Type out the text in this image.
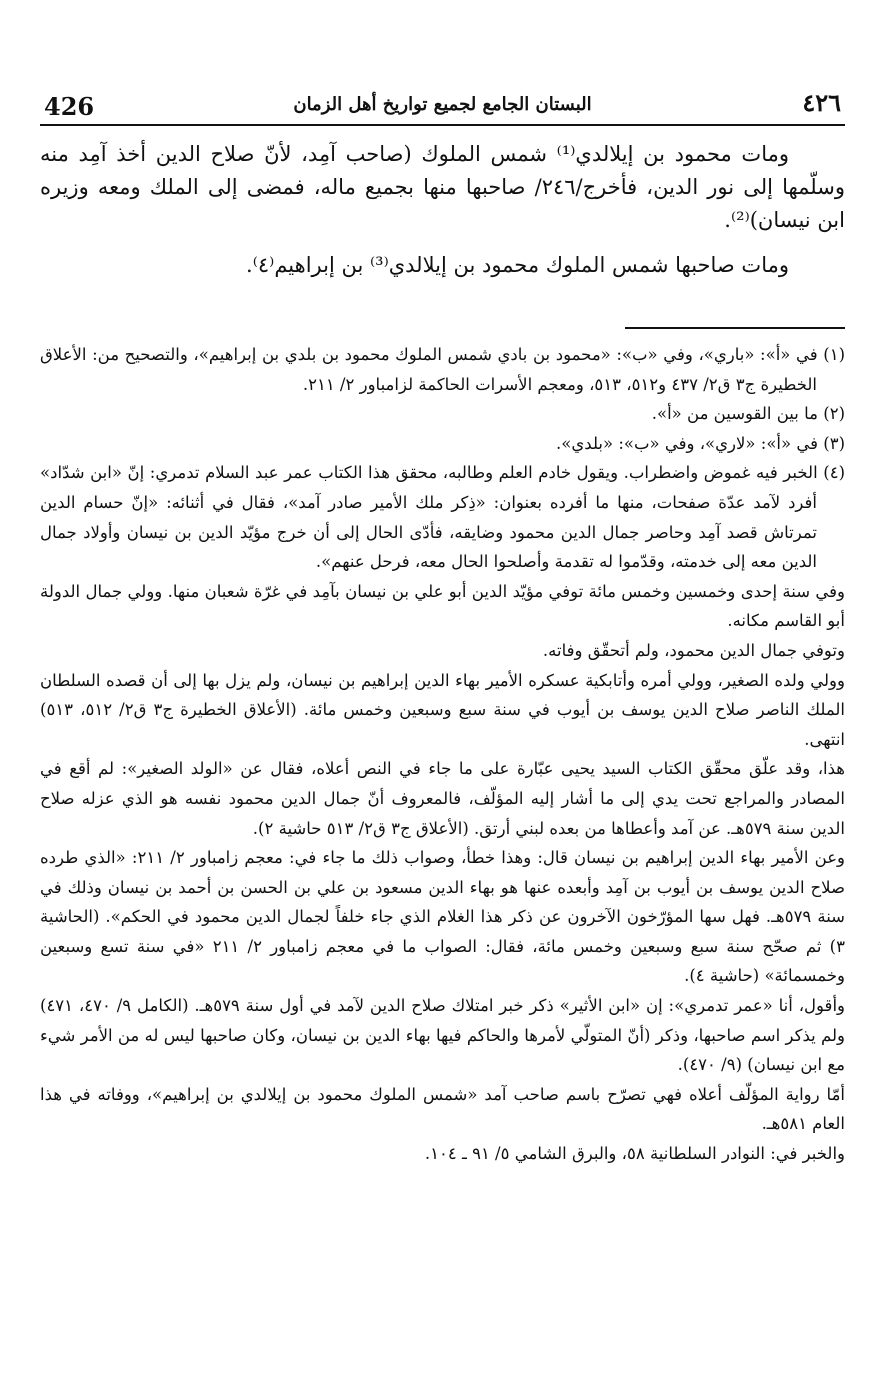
426	البستان الجامع لجميع تواريخ أهل الزمان	٤٢٦

ومات محمود بن إيلالدي⁽¹⁾ شمس الملوك (صاحب آمِد، لأنّ صلاح الدين أخذ آمِد منه وسلّمها إلى نور الدين، فأخرج/٢٤٦/ صاحبها منها بجميع ماله، فمضى إلى الملك ومعه وزيره ابن نيسان)⁽²⁾.

ومات صاحبها شمس الملوك محمود بن إيلالدي⁽³⁾ بن إبراهيم⁽٤⁾.

(١) في «أ»: «باري»، وفي «ب»: «محمود بن بادي شمس الملوك محمود بن بلدي بن إبراهيم»، والتصحيح من: الأعلاق الخطيرة ج٣ ق٢/ ٤٣٧ و٥١٢، ٥١٣، ومعجم الأسرات الحاكمة لزامباور ٢/ ٢١١.

(٢) ما بين القوسين من «أ».

(٣) في «أ»: «لاري»، وفي «ب»: «بلدي».

(٤) الخبر فيه غموض واضطراب. ويقول خادم العلم وطالبه، محقق هذا الكتاب عمر عبد السلام تدمري: إنّ «ابن شدّاد» أفرد لآمد عدّة صفحات، منها ما أفرده بعنوان: «ذِكر ملك الأمير صادر آمد»، فقال في أثنائه: «إنّ حسام الدين تمرتاش قصد آمِد وحاصر جمال الدين محمود وضايقه، فأدّى الحال إلى أن خرج مؤيّد الدين بن نيسان وأولاد جمال الدين معه إلى خدمته، وقدّموا له تقدمة وأصلحوا الحال معه، فرحل عنهم».

وفي سنة إحدى وخمسين وخمس مائة توفي مؤيّد الدين أبو علي بن نيسان بآمِد في غرّة شعبان منها. وولي جمال الدولة أبو القاسم مكانه.

وتوفي جمال الدين محمود، ولم أتحقّق وفاته.

وولي ولده الصغير، وولي أمره وأتابكية عسكره الأمير بهاء الدين إبراهيم بن نيسان، ولم يزل بها إلى أن قصده السلطان الملك الناصر صلاح الدين يوسف بن أيوب في سنة سبع وسبعين وخمس مائة. (الأعلاق الخطيرة ج٣ ق٢/ ٥١٢، ٥١٣) انتهى.

هذا، وقد علّق محقّق الكتاب السيد يحيى عبّارة على ما جاء في النص أعلاه، فقال عن «الولد الصغير»: لم أقع في المصادر والمراجع تحت يدي إلى ما أشار إليه المؤلّف، فالمعروف أنّ جمال الدين محمود نفسه هو الذي عزله صلاح الدين سنة ٥٧٩هـ. عن آمد وأعطاها من بعده لبني أرتق. (الأعلاق ج٣ ق٢/ ٥١٣ حاشية ٢).

وعن الأمير بهاء الدين إبراهيم بن نيسان قال: وهذا خطأ، وصواب ذلك ما جاء في: معجم زامباور ٢/ ٢١١: «الذي طرده صلاح الدين يوسف بن أيوب بن آمِد وأبعده عنها هو بهاء الدين مسعود بن علي بن الحسن بن أحمد بن نيسان وذلك في سنة ٥٧٩هـ. فهل سها المؤرّخون الآخرون عن ذكر هذا الغلام الذي جاء خلفاً لجمال الدين محمود في الحكم». (الحاشية ٣) ثم صحّح سنة سبع وسبعين وخمس مائة، فقال: الصواب ما في معجم زامباور ٢/ ٢١١ «في سنة تسع وسبعين وخمسمائة» (حاشية ٤).

وأقول، أنا «عمر تدمري»: إن «ابن الأثير» ذكر خبر امتلاك صلاح الدين لآمد في أول سنة ٥٧٩هـ. (الكامل ٩/ ٤٧٠، ٤٧١) ولم يذكر اسم صاحبها، وذكر (أنّ المتولّي لأمرها والحاكم فيها بهاء الدين بن نيسان، وكان صاحبها ليس له من الأمر شيء مع ابن نيسان) (٩/ ٤٧٠).

أمّا رواية المؤلّف أعلاه فهي تصرّح باسم صاحب آمد «شمس الملوك محمود بن إيلالدي بن إبراهيم»، ووفاته في هذا العام ٥٨١هـ.

والخبر في: النوادر السلطانية ٥٨، والبرق الشامي ٥/ ٩١ ـ ١٠٤.
